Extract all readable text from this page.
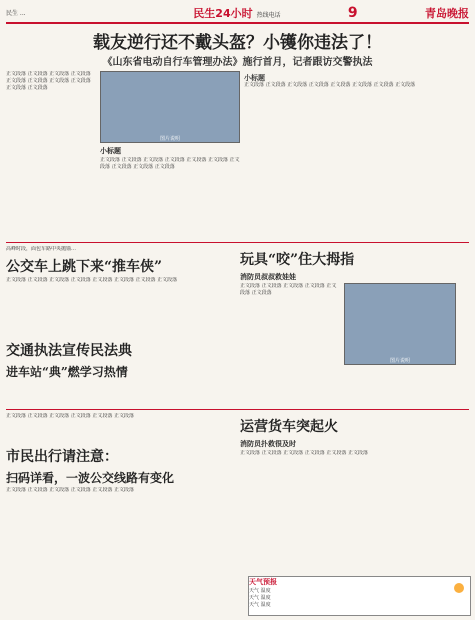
民生 ...	民生24小时 热线电话	9	青岛晚报
载友逆行还不戴头盔？小镬你违法了！
《山东省电动自行车管理办法》施行首月，记者跟访交警执法
正文段落 正文段落 正文段落 正文段落 正文段落 正文段落 正文段落 正文段落 正文段落 正文段落
图片说明
小标题
正文段落 正文段落 正文段落 正文段落 正文段落 正文段落 正文段落 正文段落 正文段落 正文段落
小标题
正文段落 正文段落 正文段落 正文段落 正文段落 正文段落 正文段落 正文段落
高峰时段，面包车路中央抛锚…
公交车上跳下来“推车侠”
正文段落 正文段落 正文段落 正文段落 正文段落 正文段落 正文段落 正文段落
交通执法宣传民法典
进车站“典”燃学习热情
玩具“咬”住大拇指
消防员叔叔救娃娃
正文段落 正文段落 正文段落 正文段落 正文段落 正文段落
图片说明
正文段落 正文段落 正文段落 正文段落 正文段落 正文段落
市民出行请注意：
扫码详看，一波公交线路有变化
正文段落 正文段落 正文段落 正文段落 正文段落 正文段落
运营货车突起火
消防员扑救很及时
正文段落 正文段落 正文段落 正文段落 正文段落 正文段落
天气预报
天气 温度
天气 温度
天气 温度
